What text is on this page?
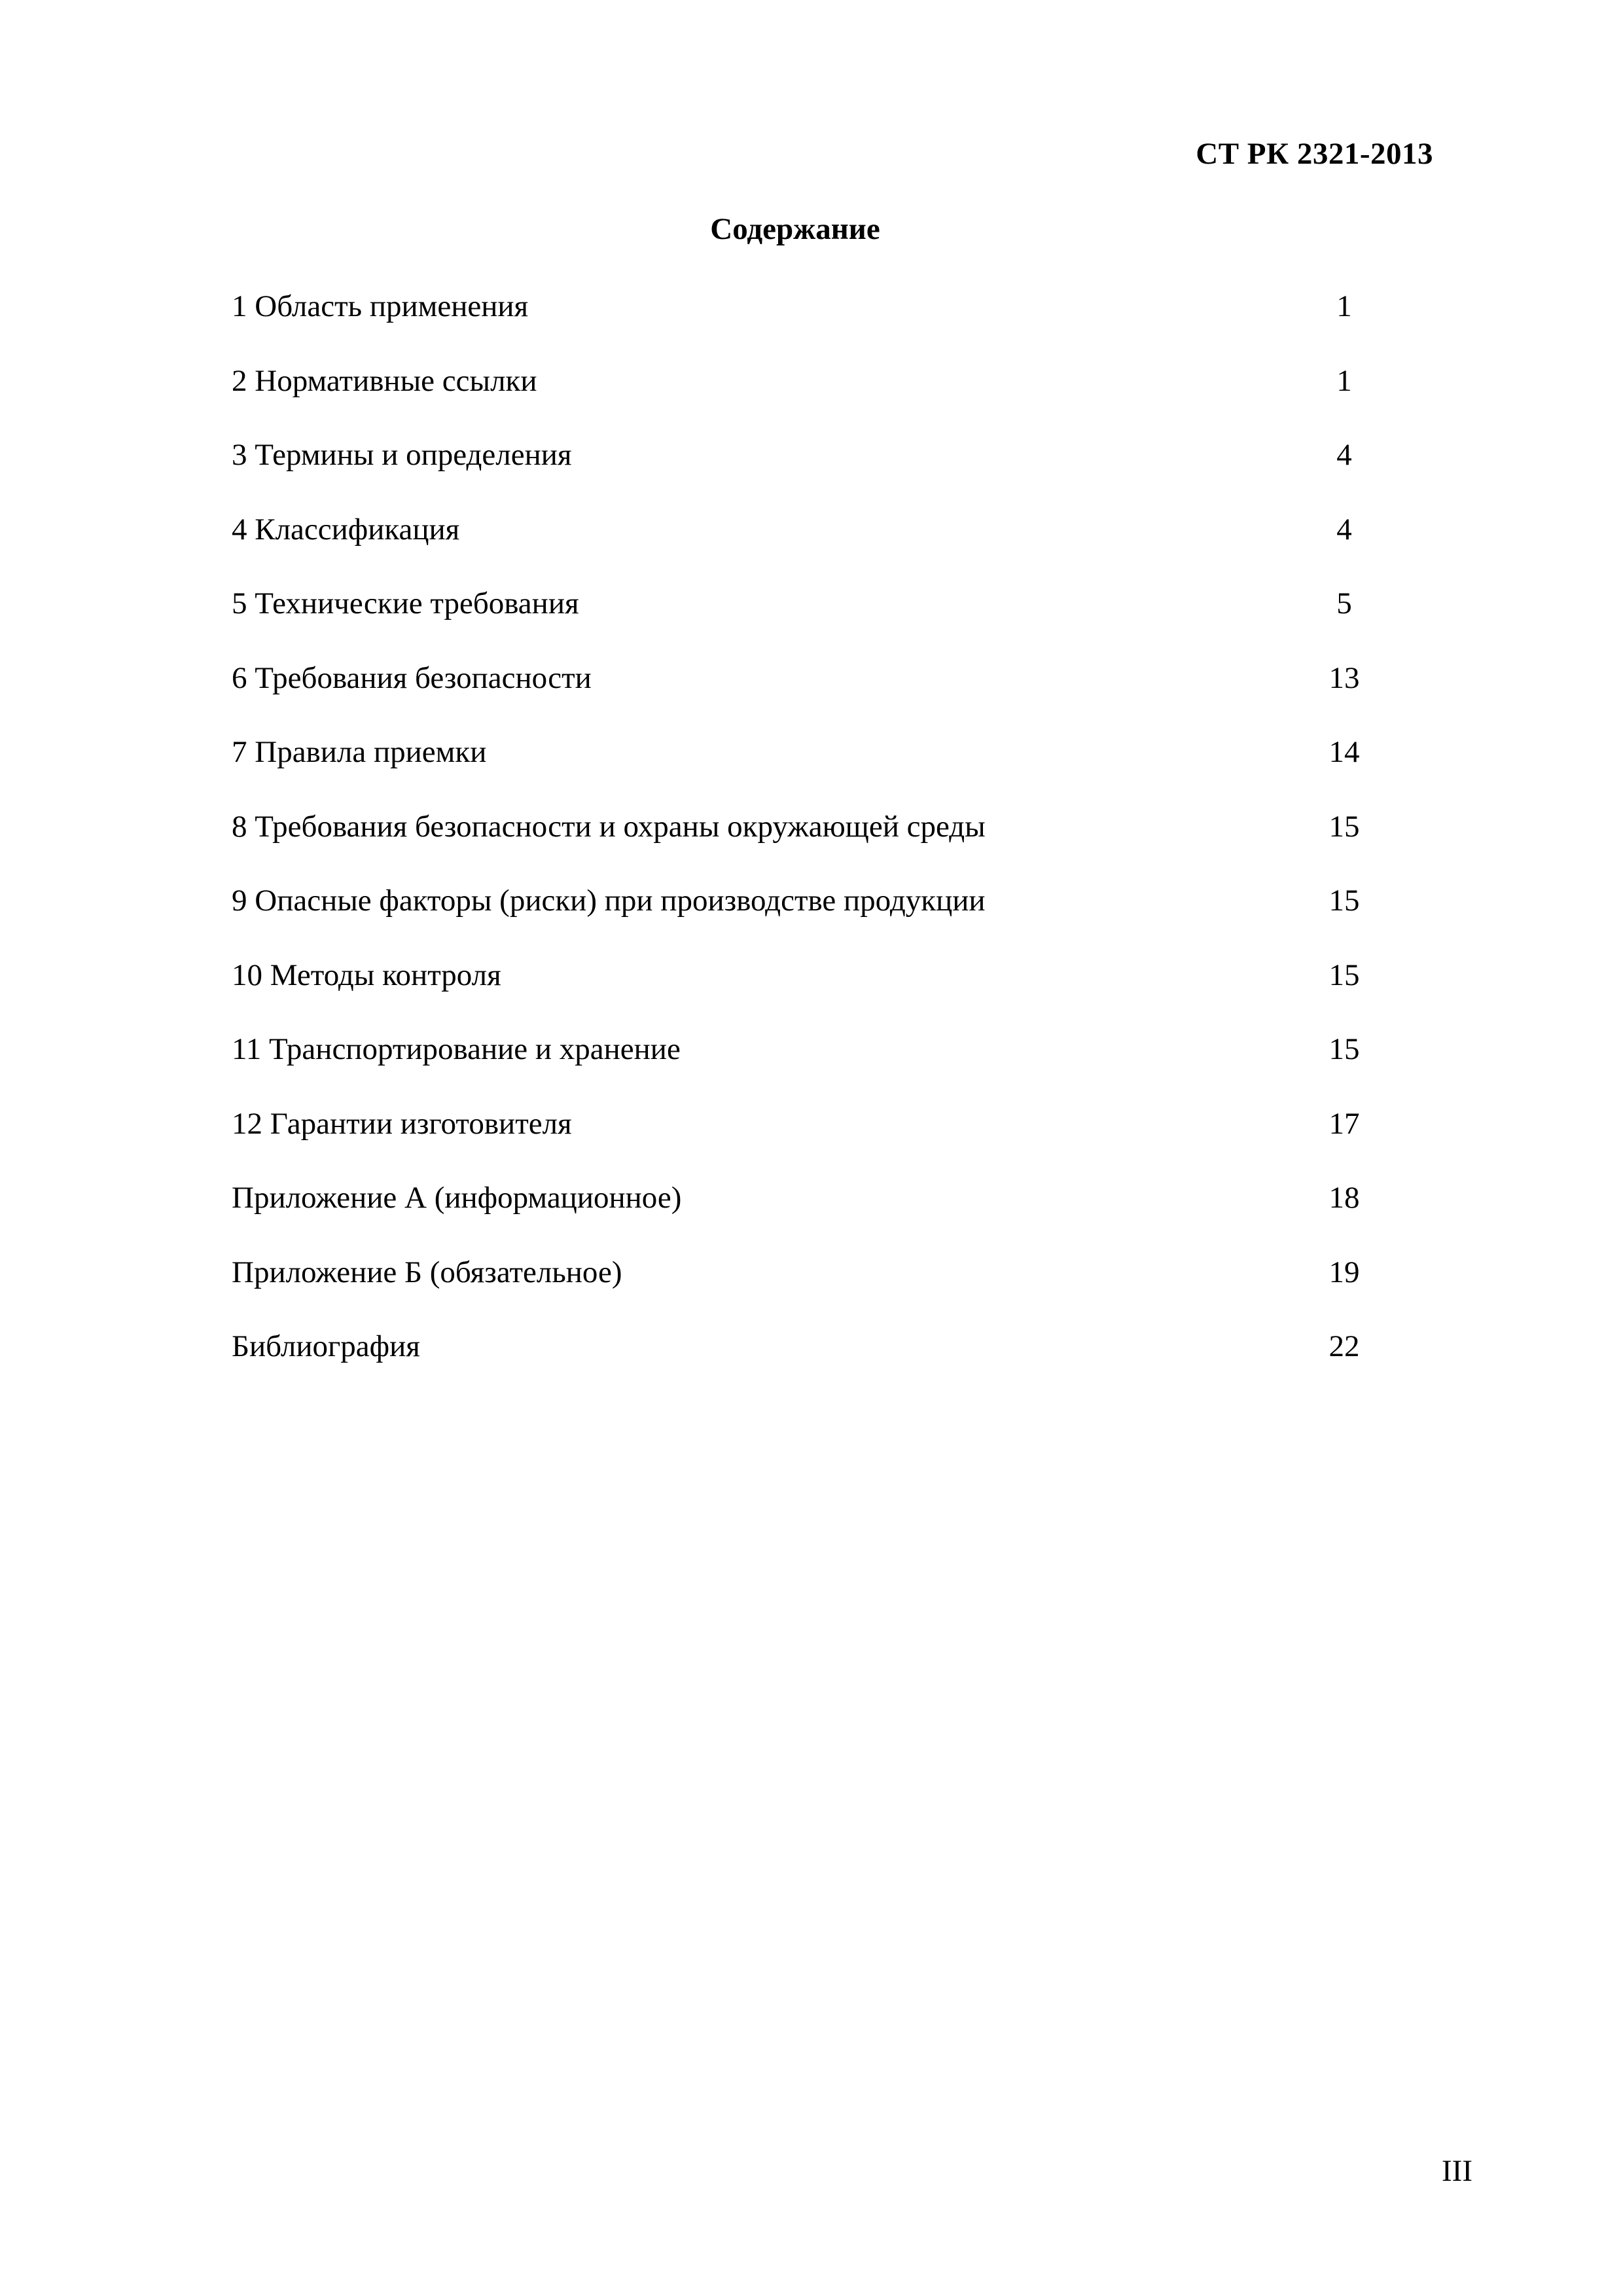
СТ РК 2321-2013

Содержание
1 Область применения	1
2 Нормативные ссылки	1
3 Термины и определения	4
4 Классификация	4
5 Технические требования	5
6 Требования безопасности	13
7 Правила приемки	14
8 Требования безопасности и охраны окружающей среды	15
9 Опасные факторы (риски) при производстве продукции	15
10 Методы контроля	15
11 Транспортирование и хранение	15
12 Гарантии изготовителя	17
Приложение А (информационное)	18
Приложение Б (обязательное)	19
Библиография	22

III
